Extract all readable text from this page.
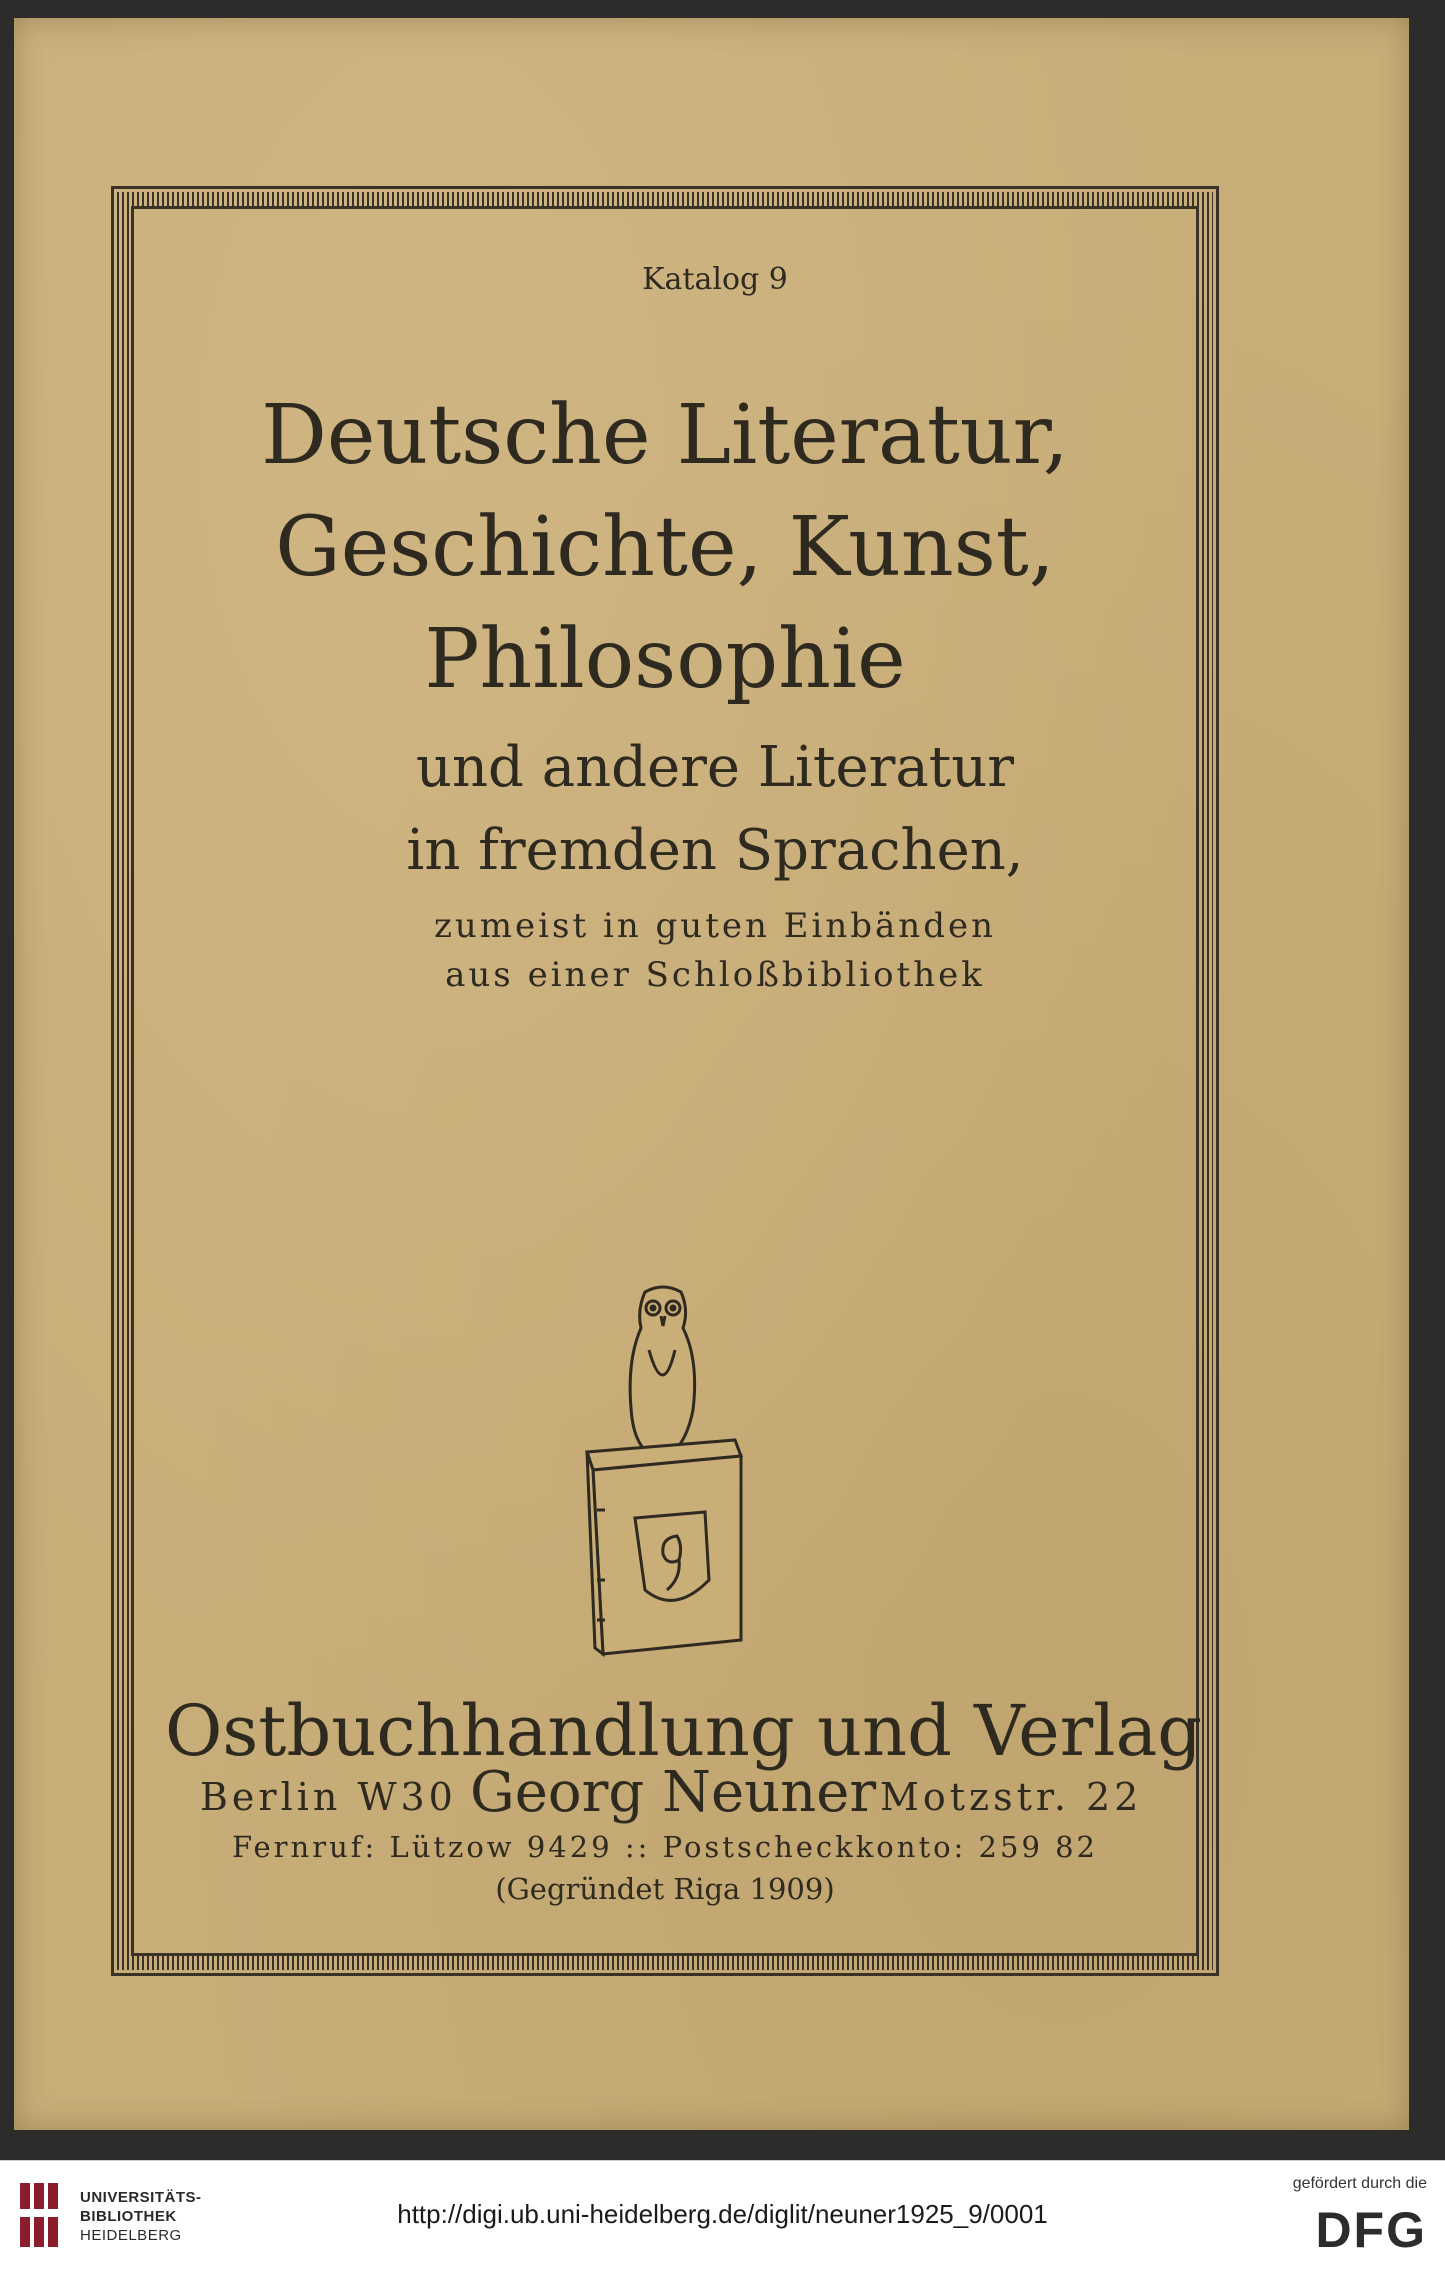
Katalog 9
Deutsche Literatur,
Geschichte, Kunst,
Philosophie
und andere Literatur
in fremden Sprachen,
zumeist in guten Einbänden
aus einer Schloßbibliothek
Ostbuchhandlung und Verlag
Berlin W30 Georg Neuner Motzstr. 22
Fernruf: Lützow 9429 :: Postscheckkonto: 259 82
(Gegründet Riga 1909)
UNIVERSITÄTS-
BIBLIOTHEK
HEIDELBERG
http://digi.ub.uni-heidelberg.de/diglit/neuner1925_9/0001
gefördert durch die
DFG
